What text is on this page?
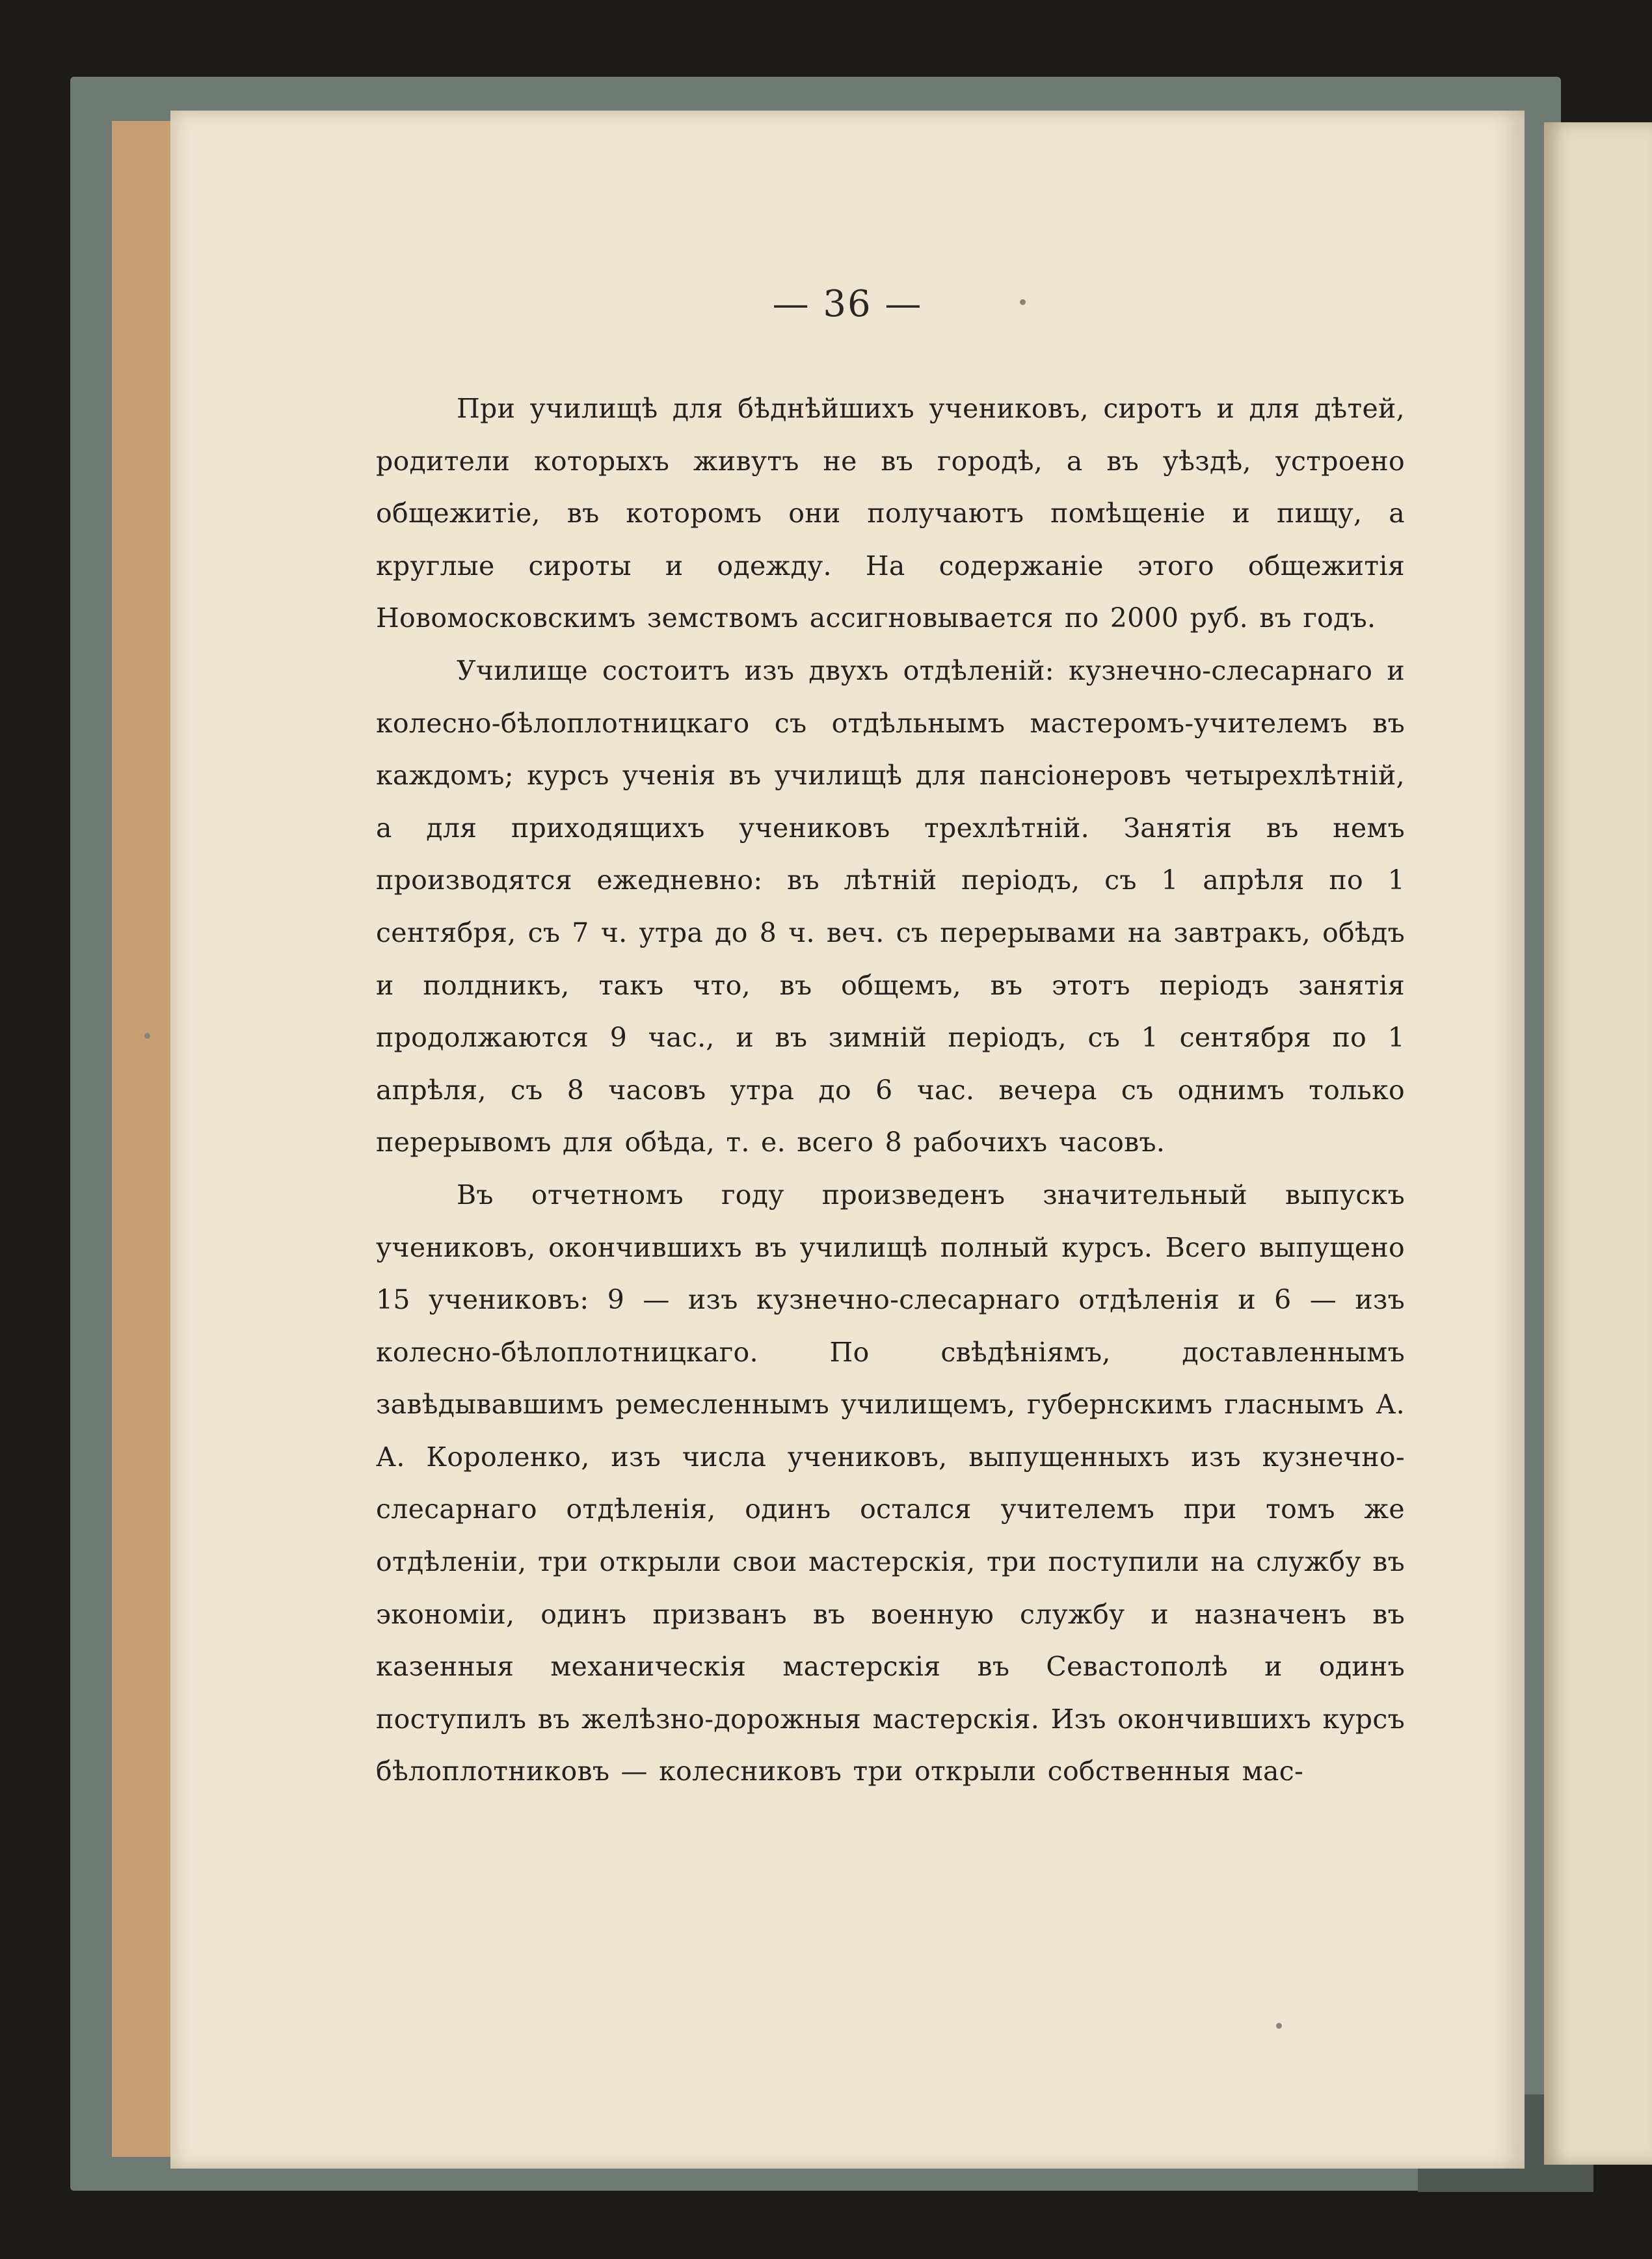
— 36 —

При училищѣ для бѣднѣйшихъ учениковъ, сиротъ и для дѣтей, родители которыхъ живутъ не въ городѣ, а въ уѣздѣ, устроено общежитіе, въ которомъ они получаютъ помѣщеніе и пищу, а круглые сироты и одежду. На содержаніе этого общежитія Новомосковскимъ земствомъ ассигновывается по 2000 руб. въ годъ.

Училище состоитъ изъ двухъ отдѣленій: кузнечно-слесарнаго и колесно-бѣлоплотницкаго съ отдѣльнымъ мастеромъ-учителемъ въ каждомъ; курсъ ученія въ училищѣ для пансіонеровъ четырехлѣтній, а для приходящихъ учениковъ трехлѣтній. Занятія въ немъ производятся ежедневно: въ лѣтній періодъ, съ 1 апрѣля по 1 сентября, съ 7 ч. утра до 8 ч. веч. съ перерывами на завтракъ, обѣдъ и полдникъ, такъ что, въ общемъ, въ этотъ періодъ занятія продолжаются 9 час., и въ зимній періодъ, съ 1 сентября по 1 апрѣля, съ 8 часовъ утра до 6 час. вечера съ однимъ только перерывомъ для обѣда, т. е. всего 8 рабочихъ часовъ.

Въ отчетномъ году произведенъ значительный выпускъ учениковъ, окончившихъ въ училищѣ полный курсъ. Всего выпущено 15 учениковъ: 9 — изъ кузнечно-слесарнаго отдѣленія и 6 — изъ колесно-бѣлоплотницкаго. По свѣдѣніямъ, доставленнымъ завѣдывавшимъ ремесленнымъ училищемъ, губернскимъ гласнымъ А. А. Короленко, изъ числа учениковъ, выпущенныхъ изъ кузнечно-слесарнаго отдѣленія, одинъ остался учителемъ при томъ же отдѣленіи, три открыли свои мастерскія, три поступили на службу въ экономіи, одинъ призванъ въ военную службу и назначенъ въ казенныя механическія мастерскія въ Севастополѣ и одинъ поступилъ въ желѣзно-дорожныя мастерскія. Изъ окончившихъ курсъ бѣлоплотниковъ — колесниковъ три открыли собственныя мас-
